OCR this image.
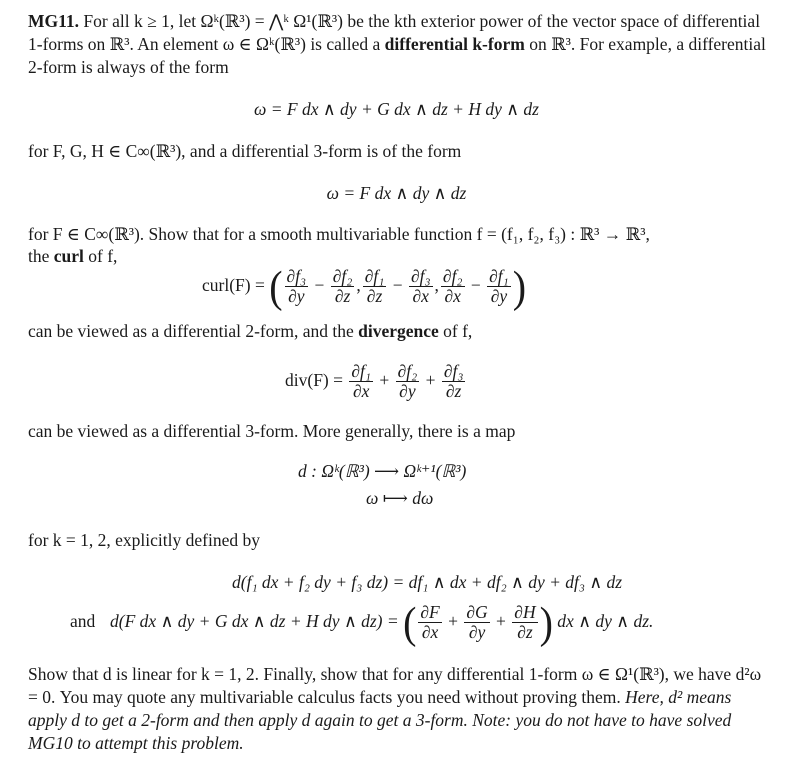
MG11. For all k ≥ 1, let Ωᵏ(ℝ³) = ⋀ᵏ Ω¹(ℝ³) be the kth exterior power of the vector space of differential 1-forms on ℝ³. An element ω ∈ Ωᵏ(ℝ³) is called a differential k-form on ℝ³. For example, a differential 2-form is always of the form

ω = F dx ∧ dy + G dx ∧ dz + H dy ∧ dz

for F, G, H ∈ C∞(ℝ³), and a differential 3-form is of the form

ω = F dx ∧ dy ∧ dz

for F ∈ C∞(ℝ³). Show that for a smooth multivariable function f = (f₁, f₂, f₃) : ℝ³ → ℝ³,

the curl of f,

curl(F) = ( $\frac{\text{∂f₃}}{\partial y} - \frac{\text{∂f₂}}{\partial z}$ , $\frac{\text{∂f₁}}{\partial z} - \frac{\text{∂f₃}}{\partial x}$ , $\frac{\text{∂f₂}}{\partial x} - \frac{\text{∂f₁}}{\partial y}$ )

can be viewed as a differential 2-form, and the divergence of f,

$div(F) = \frac{\text{∂f₁}}{\partial x} + \frac{\text{∂f₂}}{\partial y} + \frac{\text{∂f₃}}{\partial z}$

can be viewed as a differential 3-form. More generally, there is a map

d : Ωᵏ(ℝ³) ⟶ Ωᵏ⁺¹(ℝ³)
ω ⟼ dω

for k = 1, 2, explicitly defined by

d(f₁ dx + f₂ dy + f₃ dz) = df₁ ∧ dx + df₂ ∧ dy + df₃ ∧ dz
and d(F dx ∧ dy + G dx ∧ dz + H dy ∧ dz) = ( $\frac{\partial F}{\partial x} + \frac{\partial G}{\partial y} + \frac{\partial H}{\partial z}$ ) dx ∧ dy ∧ dz.

Show that d is linear for k = 1, 2. Finally, show that for any differential 1-form ω ∈ Ω¹(ℝ³), we have d²ω = 0. You may quote any multivariable calculus facts you need without proving them. Here, d² means apply d to get a 2-form and then apply d again to get a 3-form. Note: you do not have to have solved MG10 to attempt this problem.
